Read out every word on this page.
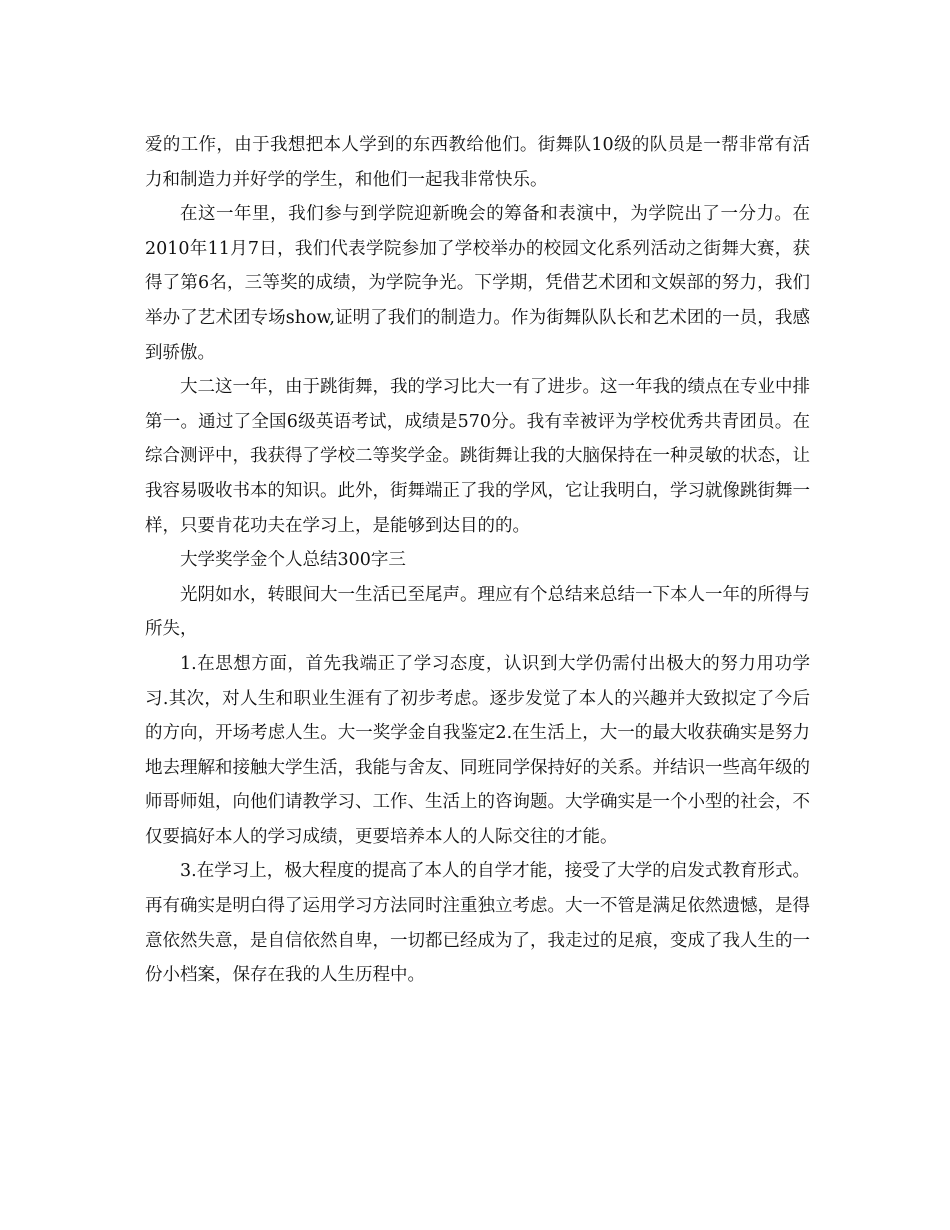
爱的工作，由于我想把本人学到的东西教给他们。街舞队10级的队员是一帮非常有活力和制造力并好学的学生，和他们一起我非常快乐。

在这一年里，我们参与到学院迎新晚会的筹备和表演中，为学院出了一分力。在2010年11月7日，我们代表学院参加了学校举办的校园文化系列活动之街舞大赛，获得了第6名，三等奖的成绩，为学院争光。下学期，凭借艺术团和文娱部的努力，我们举办了艺术团专场show,证明了我们的制造力。作为街舞队队长和艺术团的一员，我感到骄傲。

大二这一年，由于跳街舞，我的学习比大一有了进步。这一年我的绩点在专业中排第一。通过了全国6级英语考试，成绩是570分。我有幸被评为学校优秀共青团员。在综合测评中，我获得了学校二等奖学金。跳街舞让我的大脑保持在一种灵敏的状态，让我容易吸收书本的知识。此外，街舞端正了我的学风，它让我明白，学习就像跳街舞一样，只要肯花功夫在学习上，是能够到达目的的。

大学奖学金个人总结300字三

光阴如水，转眼间大一生活已至尾声。理应有个总结来总结一下本人一年的所得与所失，

1.在思想方面，首先我端正了学习态度，认识到大学仍需付出极大的努力用功学习.其次，对人生和职业生涯有了初步考虑。逐步发觉了本人的兴趣并大致拟定了今后的方向，开场考虑人生。大一奖学金自我鉴定2.在生活上，大一的最大收获确实是努力地去理解和接触大学生活，我能与舍友、同班同学保持好的关系。并结识一些高年级的师哥师姐，向他们请教学习、工作、生活上的咨询题。大学确实是一个小型的社会，不仅要搞好本人的学习成绩，更要培养本人的人际交往的才能。

3.在学习上，极大程度的提高了本人的自学才能，接受了大学的启发式教育形式。再有确实是明白得了运用学习方法同时注重独立考虑。大一不管是满足依然遗憾，是得意依然失意，是自信依然自卑，一切都已经成为了，我走过的足痕，变成了我人生的一份小档案，保存在我的人生历程中。
